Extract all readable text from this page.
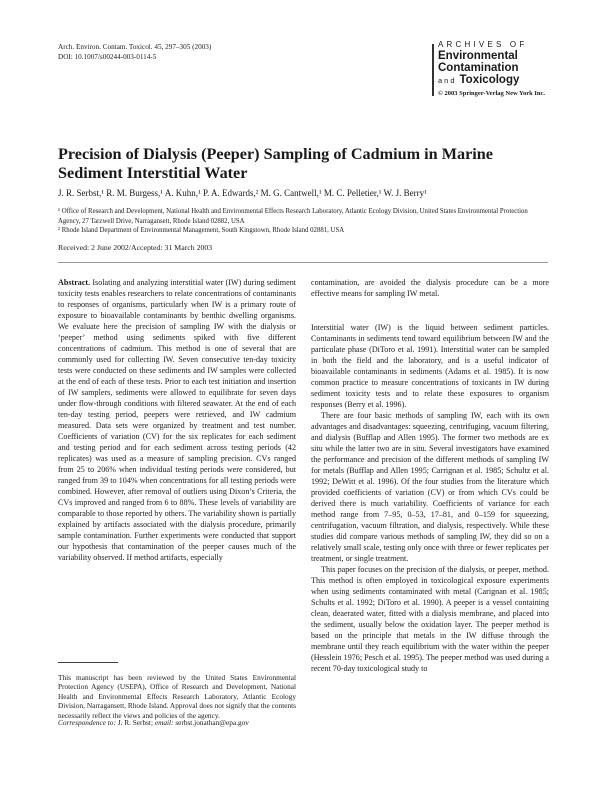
Arch. Environ. Contam. Toxicol. 45, 297–305 (2003)
DOI: 10.1007/s00244-003-0114-5
ARCHIVES OF
Environmental
Contamination
and Toxicology
© 2003 Springer-Verlag New York Inc.
Precision of Dialysis (Peeper) Sampling of Cadmium in Marine Sediment Interstitial Water
J. R. Serbst,¹ R. M. Burgess,¹ A. Kuhn,¹ P. A. Edwards,² M. G. Cantwell,¹ M. C. Pelletier,¹ W. J. Berry¹
¹ Office of Research and Development, National Health and Environmental Effects Research Laboratory, Atlantic Ecology Division, United States Environmental Protection Agency, 27 Tarzwell Drive, Narragansett, Rhode Island 02882, USA
² Rhode Island Department of Environmental Management, South Kingstown, Rhode Island 02881, USA
Received: 2 June 2002/Accepted: 31 March 2003

Abstract. Isolating and analyzing interstitial water (IW) during sediment toxicity tests enables researchers to relate concentrations of contaminants to responses of organisms, particularly when IW is a primary route of exposure to bioavailable contaminants by benthic dwelling organisms. We evaluate here the precision of sampling IW with the dialysis or ‘peeper’ method using sediments spiked with five different concentrations of cadmium. This method is one of several that are commonly used for collecting IW. Seven consecutive ten-day toxicity tests were conducted on these sediments and IW samples were collected at the end of each of these tests. Prior to each test initiation and insertion of IW samplers, sediments were allowed to equilibrate for seven days under flow-through conditions with filtered seawater. At the end of each ten-day testing period, peepers were retrieved, and IW cadmium measured. Data sets were organized by treatment and test number. Coefficients of variation (CV) for the six replicates for each sediment and testing period and for each sediment across testing periods (42 replicates) was used as a measure of sampling precision. CVs ranged from 25 to 206% when individual testing periods were considered, but ranged from 39 to 104% when concentrations for all testing periods were combined. However, after removal of outliers using Dixon’s Criteria, the CVs improved and ranged from 6 to 88%. These levels of variability are comparable to those reported by others. The variability shown is partially explained by artifacts associated with the dialysis procedure, primarily sample contamination. Further experiments were conducted that support our hypothesis that contamination of the peeper causes much of the variability observed. If method artifacts, especially

contamination, are avoided the dialysis procedure can be a more effective means for sampling IW metal.

Interstitial water (IW) is the liquid between sediment particles. Contaminants in sediments tend toward equilibrium between IW and the particulate phase (DiToro et al. 1991). Interstitial water can be sampled in both the field and the laboratory, and is a useful indicator of bioavailable contaminants in sediments (Adams et al. 1985). It is now common practice to measure concentrations of toxicants in IW during sediment toxicity tests and to relate these exposures to organism responses (Berry et al. 1996).

There are four basic methods of sampling IW, each with its own advantages and disadvantages: squeezing, centrifuging, vacuum filtering, and dialysis (Bufflap and Allen 1995). The former two methods are ex situ while the latter two are in situ. Several investigators have examined the performance and precision of the different methods of sampling IW for metals (Bufflap and Allen 1995; Carrignan et al. 1985; Schultz et al. 1992; DeWitt et al. 1996). Of the four studies from the literature which provided coefficients of variation (CV) or from which CVs could be derived there is much variability. Coefficients of variance for each method range from 7–95, 0–53, 17–81, and 0–159 for squeezing, centrifugation, vacuum filtration, and dialysis, respectively. While these studies did compare various methods of sampling IW, they did so on a relatively small scale, testing only once with three or fewer replicates per treatment, or single treatment.

This paper focuses on the precision of the dialysis, or peeper, method. This method is often employed in toxicological exposure experiments when using sediments contaminated with metal (Carignan et al. 1985; Schults et al. 1992; DiToro et al. 1990). A peeper is a vessel containing clean, deaerated water, fitted with a dialysis membrane, and placed into the sediment, usually below the oxidation layer. The peeper method is based on the principle that metals in the IW diffuse through the membrane until they reach equilibrium with the water within the peeper (Hesslein 1976; Pesch et al. 1995). The peeper method was used during a recent 70-day toxicological study to

This manuscript has been reviewed by the United States Environmental Protection Agency (USEPA), Office of Research and Development, National Health and Environmental Effects Research Laboratory, Atlantic Ecology Division, Narragansett, Rhode Island. Approval does not signify that the contents necessarily reflect the views and policies of the agency.
Correspondence to: J. R. Serbst; email: serbst.jonathan@epa.gov
